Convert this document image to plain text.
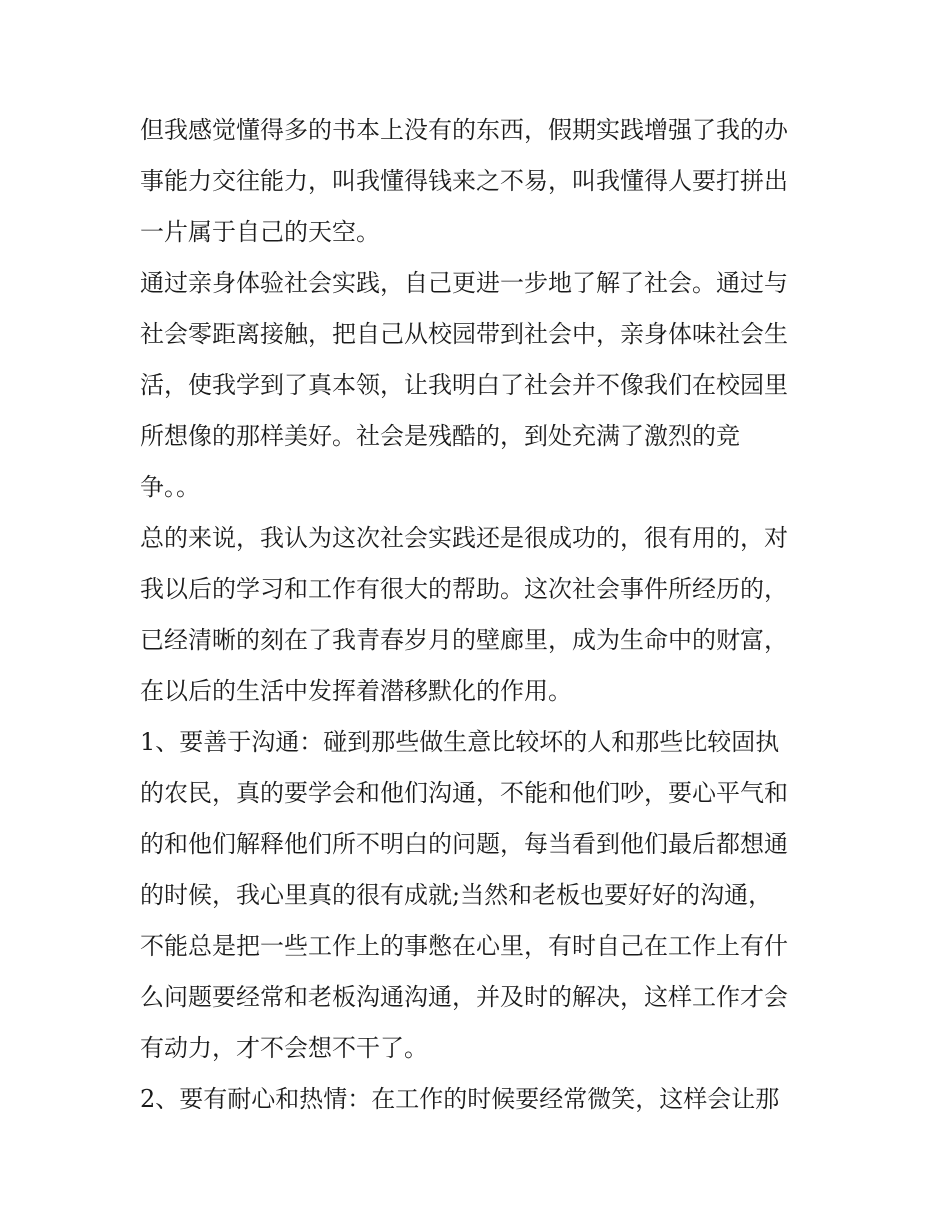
但我感觉懂得多的书本上没有的东西，假期实践增强了我的办
事能力交往能力，叫我懂得钱来之不易，叫我懂得人要打拼出
一片属于自己的天空。
通过亲身体验社会实践，自己更进一步地了解了社会。通过与
社会零距离接触，把自己从校园带到社会中，亲身体味社会生
活，使我学到了真本领，让我明白了社会并不像我们在校园里
所想像的那样美好。社会是残酷的，到处充满了激烈的竞
争。。
总的来说，我认为这次社会实践还是很成功的，很有用的，对
我以后的学习和工作有很大的帮助。这次社会事件所经历的，
已经清晰的刻在了我青春岁月的壁廊里，成为生命中的财富，
在以后的生活中发挥着潜移默化的作用。
1、要善于沟通：碰到那些做生意比较坏的人和那些比较固执
的农民，真的要学会和他们沟通，不能和他们吵，要心平气和
的和他们解释他们所不明白的问题，每当看到他们最后都想通
的时候，我心里真的很有成就;当然和老板也要好好的沟通，
不能总是把一些工作上的事憋在心里，有时自己在工作上有什
么问题要经常和老板沟通沟通，并及时的解决，这样工作才会
有动力，才不会想不干了。
2、要有耐心和热情：在工作的时候要经常微笑，这样会让那
